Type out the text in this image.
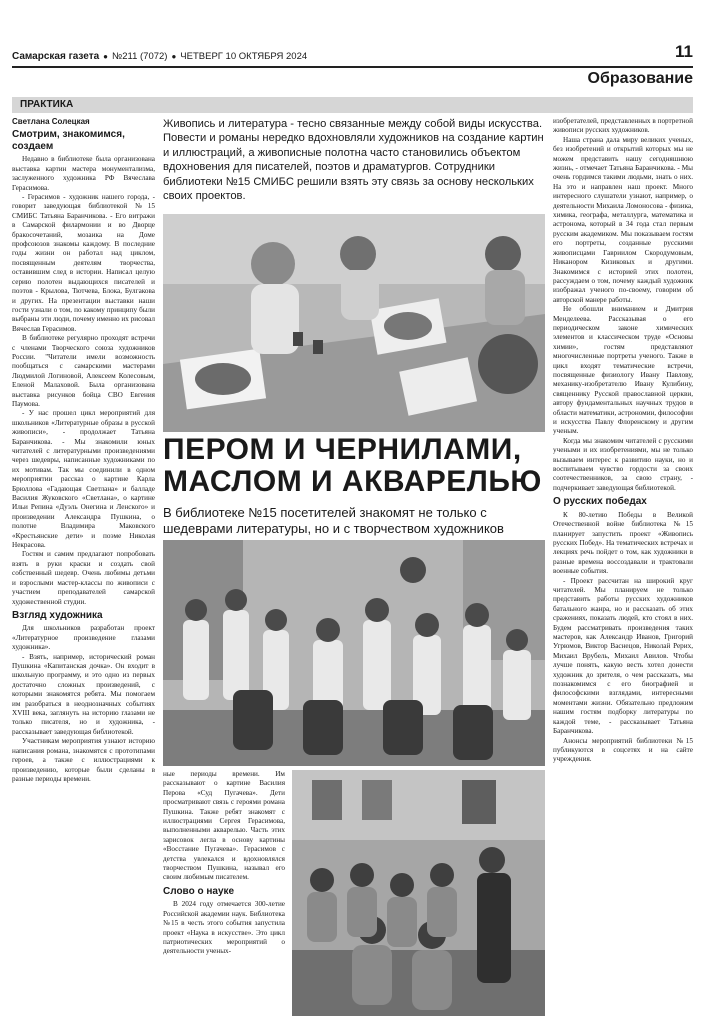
Самарская газета ● №211 (7072) ● ЧЕТВЕРГ 10 ОКТЯБРЯ 2024	11
Образование
ПРАКТИКА
Светлана Солецкая
Смотрим, знакомимся, создаем

Недавно в библиотеке была организована выставка картин мастера монументализма, заслуженного художника РФ Вячеслава Герасимова.

- Герасимов - художник нашего города, - говорит заведующая библиотекой №15 СМИБС Татьяна Баранчикова. - Его витражи в Самарской филармонии и во Дворце бракосочетаний, мозаика на Доме профсоюзов знакомы каждому. В последние годы жизни он работал над циклом, посвященным деятелям творчества, оставившим след в истории. Написал целую серию полотен выдающихся писателей и поэтов - Крылова, Тютчева, Блока, Булгакова и других. На презентации выставки наши гости узнали о том, по какому принципу были выбраны эти люди, почему именно их рисовал Вячеслав Герасимов.

В библиотеке регулярно проходят встречи с членами Творческого союза художников России. "Читатели имели возможность пообщаться с самарскими мастерами Людмилой Логиновой, Алексеем Колесовым, Еленой Малаховой. Была организована выставка рисунков бойца СВО Евгения Паумова.

- У нас прошел цикл мероприятий для школьников «Литературные образы в русской живописи», - продолжает Татьяна Баранчикова. - Мы знакомили юных читателей с литературными произведениями через шедевры, написанные художниками по их мотивам. Так мы соединили в одном мероприятии рассказ о картине Карла Брюллова «Гадающая Светлана» и балладе Василия Жуковского «Светлана», о картине Ильи Репина «Дуэль Онегина и Ленского» и произведении Александра Пушкина, о полотне Владимира Маковского «Крестьянские дети» и поэме Николая Некрасова.

Гостям и самим предлагают попробовать взять в руки краски и создать свой собственный шедевр. Очень любимы детьми и взрослыми мастер-классы по живописи с участием преподавателей самарской художественной студии.

Взгляд художника

Для школьников разработан проект «Литературное произведение глазами художника».

- Взять, например, исторический роман Пушкина «Капитанская дочка». Он входит в школьную программу, и это одно из первых достаточно сложных произведений, с которыми знакомятся ребята. Мы помогаем им разобраться в неоднозначных событиях XVIII века, заглянуть на историю глазами не только писателя, но и художника, - рассказывает заведующая библиотекой.

Участникам мероприятия узнают историю написания романа, знакомятся с прототипами героев, а также с иллюстрациями к произведению, которые были сделаны в разные периоды времени.

Живопись и литература - тесно связанные между собой виды искусства. Повести и романы нередко вдохновляли художников на создание картин и иллюстраций, а живописные полотна часто становились объектом вдохновения для писателей, поэтов и драматургов. Сотрудники библиотеки №15 СМИБС решили взять эту связь за основу нескольких своих проектов.
ПЕРОМ И ЧЕРНИЛАМИ,
МАСЛОМ И АКВАРЕЛЬЮ
В библиотеке №15 посетителей знакомят не только с шедеврами литературы, но и с творчеством художников

ные периоды времени. Им рассказывают о картине Василия Перова «Суд Пугачева». Дети просматривают связь с героями романа Пушкина. Также ребят знакомят с иллюстрациями Сергея Герасимова, выполненными акварелью. Часть этих зарисовок легла в основу картины «Восстание Пугачева». Герасимов с детства увлекался и вдохновлялся творчеством Пушкина, называл его своим любимым писателем.

Слово о науке

В 2024 году отмечается 300-летие Российской академии наук. Библиотека №15 в честь этого события запустила проект «Наука в искусстве». Это цикл патриотических мероприятий о деятельности ученых-

изобретателей, представленных в портретной живописи русских художников.

Наша страна дала миру великих ученых, без изобретений и открытий которых мы не можем представить нашу сегодняшнюю жизнь, - отмечает Татьяна Баранчикова. - Мы очень гордимся такими людьми, знать о них. На это и направлен наш проект. Много интересного слушатели узнают, например, о деятельности Михаила Ломоносова - физика, химика, географа, металлурга, математика и астронома, который в 34 года стал первым русским академиком. Мы показываем гостям его портреты, созданные русскими живописцами Гавриилом Скородумовым, Никанором Кизиковых и другими. Знакомимся с историей этих полотен, рассуждаем о том, почему каждый художник изображал ученого по-своему, говорим об авторской манере работы.

Не обошли вниманием и Дмитрия Менделеева. Рассказывая о его периодическом законе химических элементов и классическом труде «Основы химии», гостям представляют многочисленные портреты ученого. Также в цикл входят тематические встречи, посвященные физиологу Ивану Павлову, механику-изобретателю Ивану Кулибину, священнику Русской православной церкви, автору фундаментальных научных трудов в области математики, астрономии, философии и искусства Павлу Флоренскому и другим ученым.

Когда мы знакомим читателей с русскими учеными и их изобретениями, мы не только вызываем интерес к развитию науки, но и воспитываем чувство гордости за своих соотечественников, за свою страну, - подчеркивает заведующая библиотекой.

О русских победах

К 80-летию Победы в Великой Отечественной войне библиотека №15 планирует запустить проект «Живопись русских Побед». На тематических встречах и лекциях речь пойдет о том, как художники в разные времена воссоздавали и трактовали военные события.

- Проект рассчитан на широкий круг читателей. Мы планируем не только представить работы русских художников батального жанра, но и рассказать об этих сражениях, показать людей, кто стоял в них. Будем рассматривать произведения таких мастеров, как Александр Иванов, Григорий Угрюмов, Виктор Васнецов, Николай Рерих, Михаил Врубель, Михаил Авилов. Чтобы лучше понять, какую весть хотел донести художник до зрителя, о чем рассказать, мы познакомимся с его биографией и философскими взглядами, интересными моментами жизни. Обязательно предложим нашим гостям подборку литературы по каждой теме, - рассказывает Татьяна Баранчикова.

Анонсы мероприятий библиотеки №15 публикуются в соцсетях и на сайте учреждения.
